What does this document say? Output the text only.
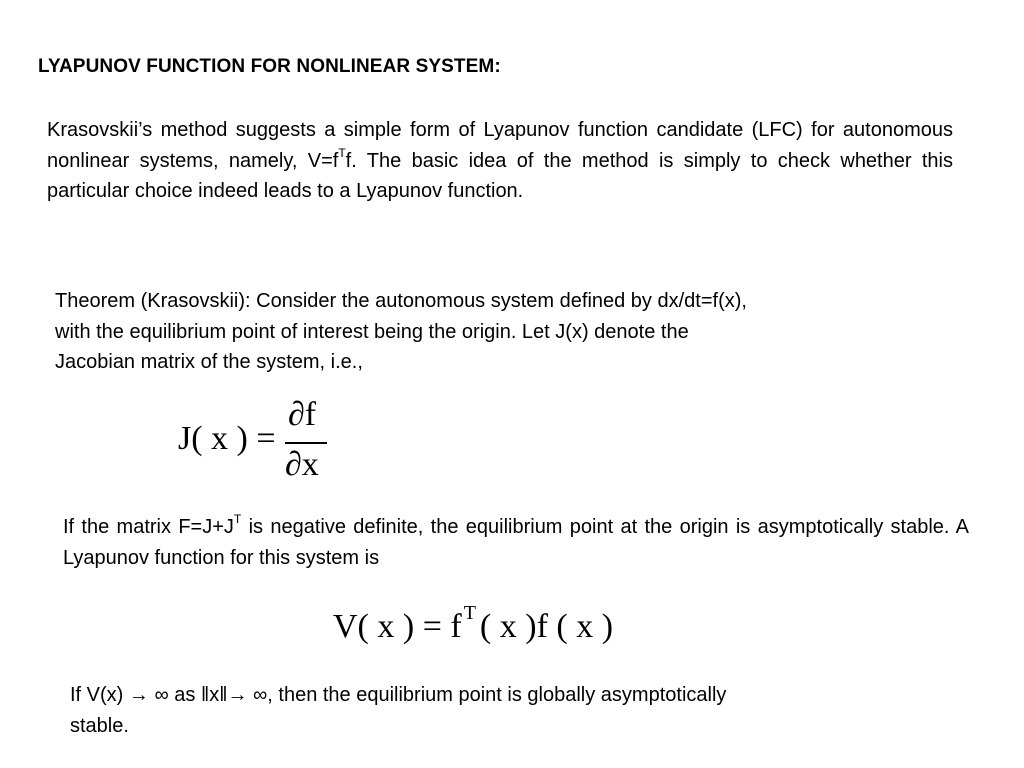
LYAPUNOV FUNCTION FOR NONLINEAR SYSTEM:
Krasovskii’s method suggests a simple form of Lyapunov function candidate (LFC) for autonomous nonlinear systems, namely, $V=f^Tf$. The basic idea of the method is simply to check whether this particular choice indeed leads to a Lyapunov function.
Theorem (Krasovskii): Consider the autonomous system defined by dx/dt=f(x),
with the equilibrium point of interest being the origin. Let J(x) denote the
Jacobian matrix of the system, i.e.,
J( x ) =
∂f
∂x
If the matrix $F=J+J^T$ is negative definite, the equilibrium point at the origin is asymptotically stable. A Lyapunov function for this system is
V( x ) = f $^T$ ( x )f ( x )
If V(x) → ∞ as ǁxǁ→ ∞, then the equilibrium point is globally asymptotically
stable.
